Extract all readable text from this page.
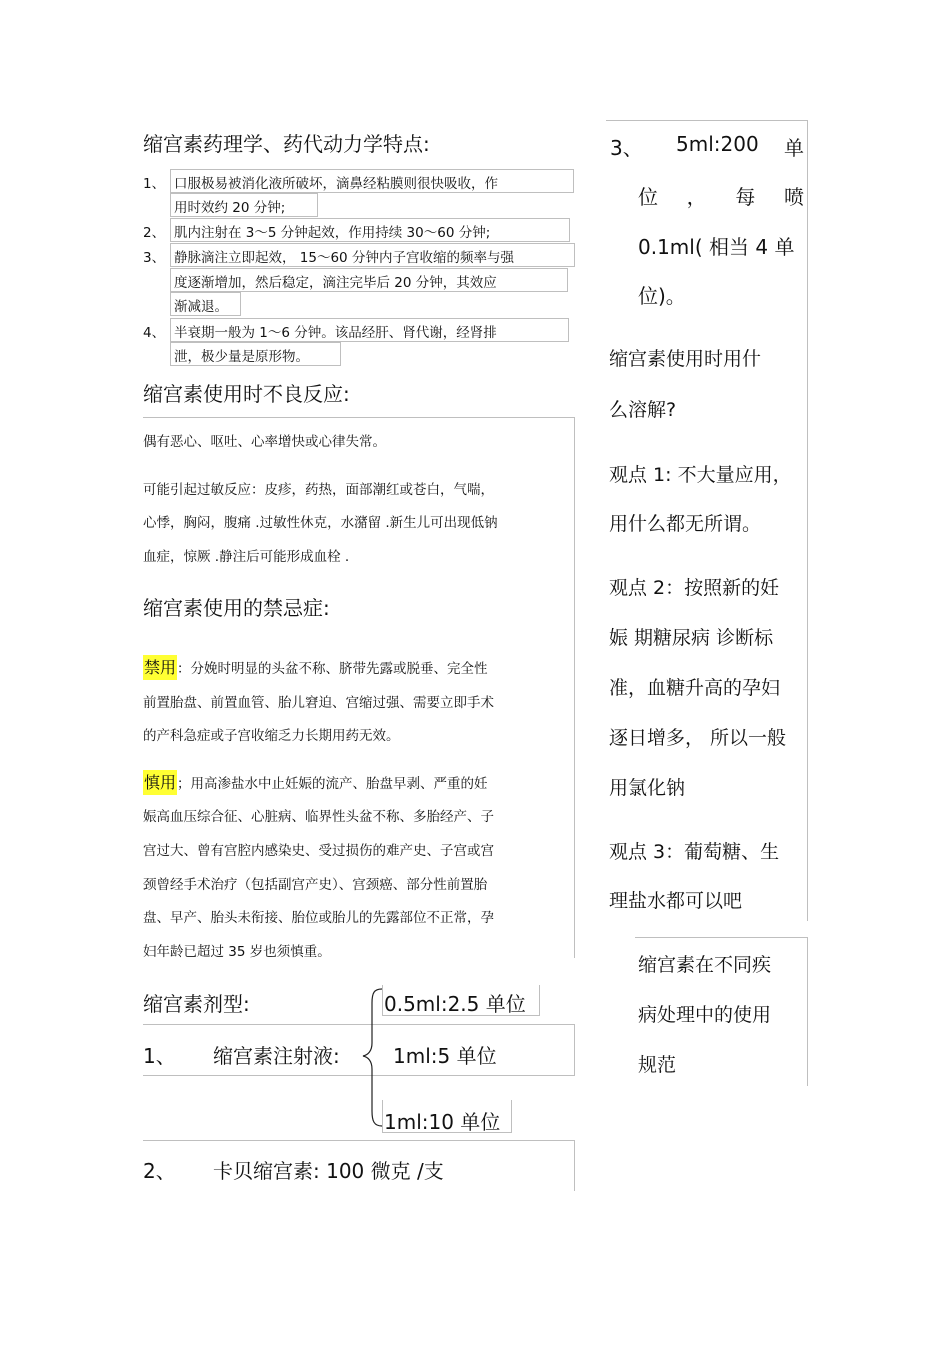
缩宫素药理学、药代动力学特点:
1、 口服极易被消化液所破坏，滴鼻经粘膜则很快吸收，作
用时效约 20 分钟;
2、 肌内注射在 3～5 分钟起效，作用持续 30～60 分钟;
3、 静脉滴注立即起效， 15～60 分钟内子宫收缩的频率与强
度逐渐增加，然后稳定，滴注完毕后 20 分钟，其效应
渐减退。
4、 半衰期一般为 1～6 分钟。该品经肝、肾代谢，经肾排
泄，极少量是原形物。
缩宫素使用时不良反应:
偶有恶心、呕吐、心率增快或心律失常。
可能引起过敏反应：皮疹，药热，面部潮红或苍白，气喘，
心悸，胸闷，腹痛 .过敏性休克，水潴留 .新生儿可出现低钠
血症，惊厥 .静注后可能形成血栓 .
缩宫素使用的禁忌症:
禁用：分娩时明显的头盆不称、脐带先露或脱垂、完全性
前置胎盘、前置血管、胎儿窘迫、宫缩过强、需要立即手术
的产科急症或子宫收缩乏力长期用药无效。
慎用；用高渗盐水中止妊娠的流产、胎盘早剥、严重的妊
娠高血压综合征、心脏病、临界性头盆不称、多胎经产、子
宫过大、曾有宫腔内感染史、受过损伤的难产史、子宫或宫
颈曾经手术治疗（包括副宫产史）、宫颈癌、部分性前置胎
盘、早产、胎头未衔接、胎位或胎儿的先露部位不正常，孕
妇年龄已超过 35 岁也须慎重。
缩宫素剂型:
1、 缩宫素注射液:
0.5ml:2.5 单位
1ml:5 单位
1ml:10 单位
2、 卡贝缩宫素: 100 微克 /支
3、 5ml:200 单
位 ， 每 喷
0.1ml( 相当 4 单
位)。
缩宫素使用时用什
么溶解?
观点 1: 不大量应用，
用什么都无所谓。
观点 2：按照新的妊
娠 期糖尿病 诊断标
准，血糖升高的孕妇
逐日增多， 所以一般
用氯化钠
观点 3：葡萄糖、生
理盐水都可以吧
缩宫素在不同疾
病处理中的使用
规范
